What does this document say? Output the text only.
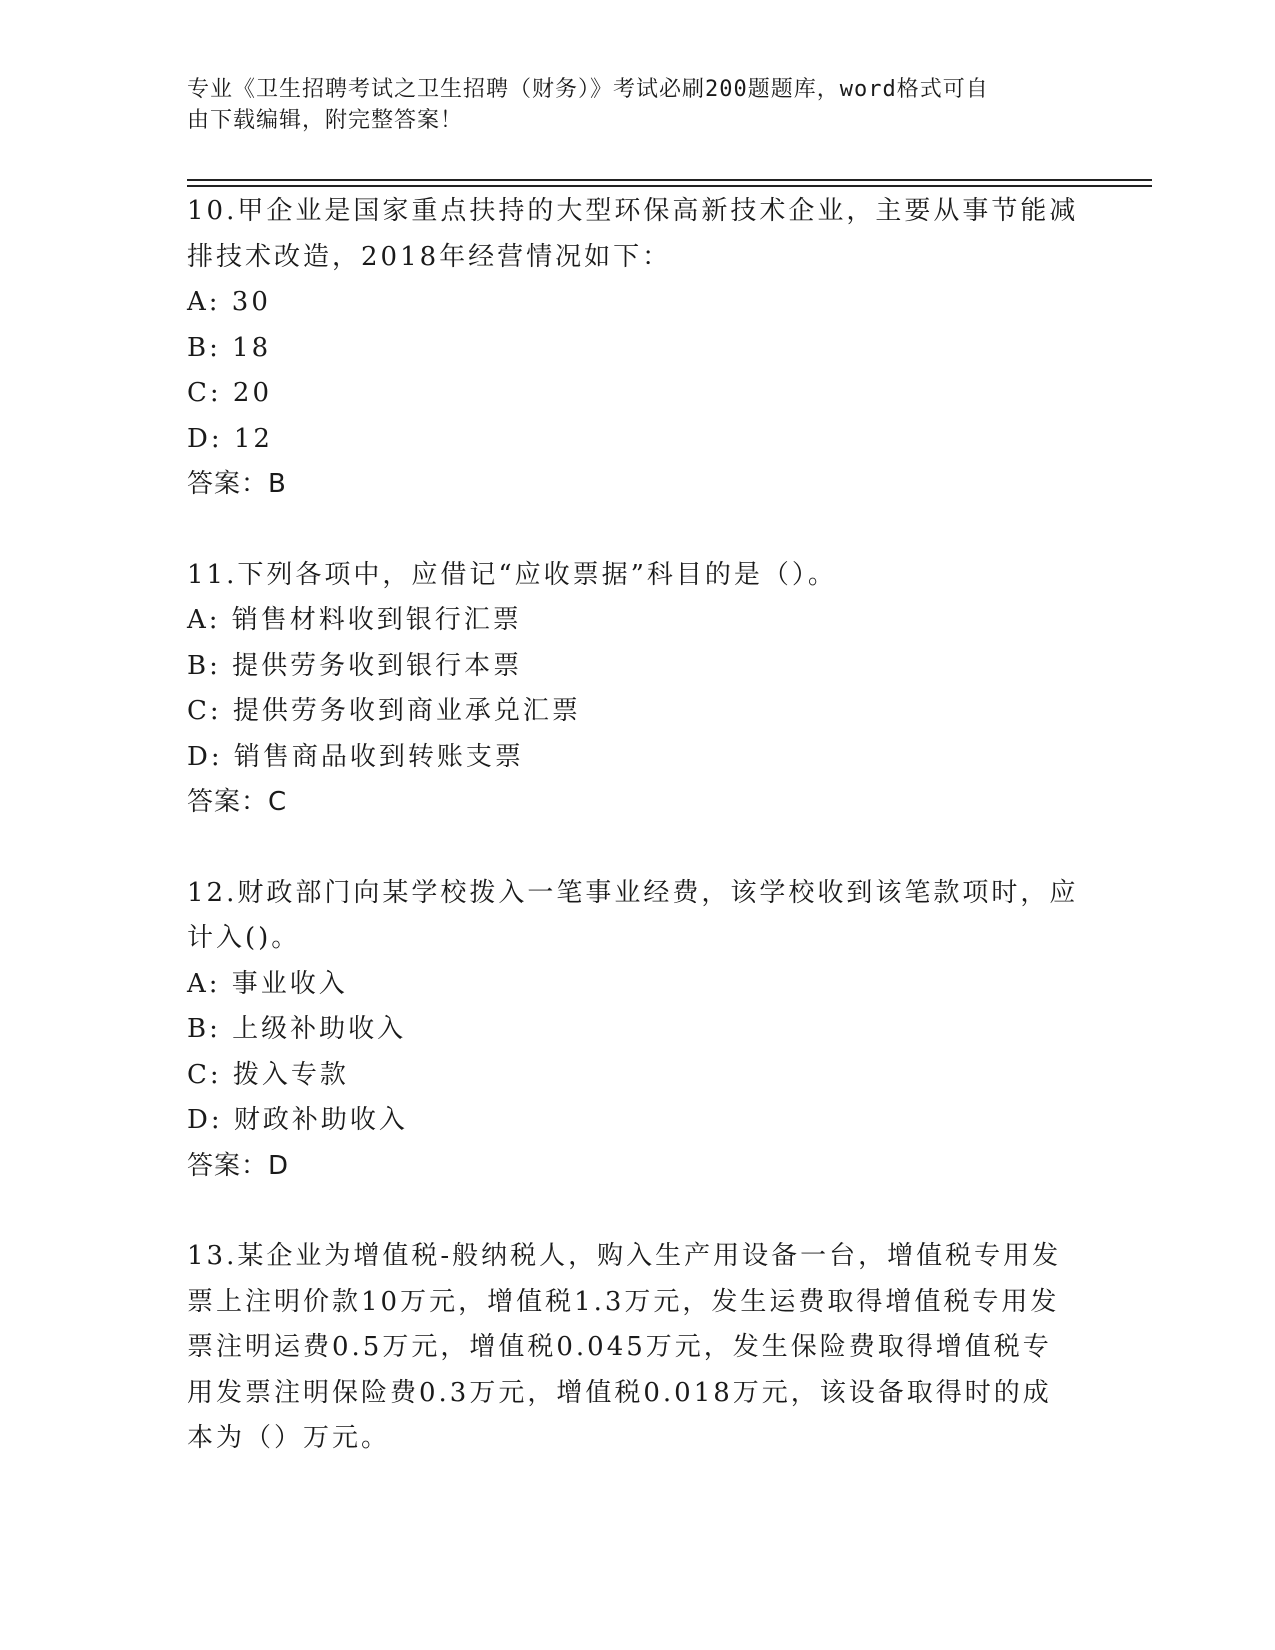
专业《卫生招聘考试之卫生招聘（财务）》考试必刷200题题库，word格式可自
由下载编辑，附完整答案！
10.甲企业是国家重点扶持的大型环保高新技术企业，主要从事节能减
排技术改造，2018年经营情况如下：
A: 30
B: 18
C: 20
D: 12
答案：B
11.下列各项中，应借记“应收票据”科目的是（）。
A: 销售材料收到银行汇票
B: 提供劳务收到银行本票
C: 提供劳务收到商业承兑汇票
D: 销售商品收到转账支票
答案：C
12.财政部门向某学校拨入一笔事业经费，该学校收到该笔款项时，应
计入()。
A: 事业收入
B: 上级补助收入
C: 拨入专款
D: 财政补助收入
答案：D
13.某企业为增值税-般纳税人，购入生产用设备一台，增值税专用发
票上注明价款10万元，增值税1.3万元，发生运费取得增值税专用发
票注明运费0.5万元，增值税0.045万元，发生保险费取得增值税专
用发票注明保险费0.3万元，增值税0.018万元，该设备取得时的成
本为（）万元。
